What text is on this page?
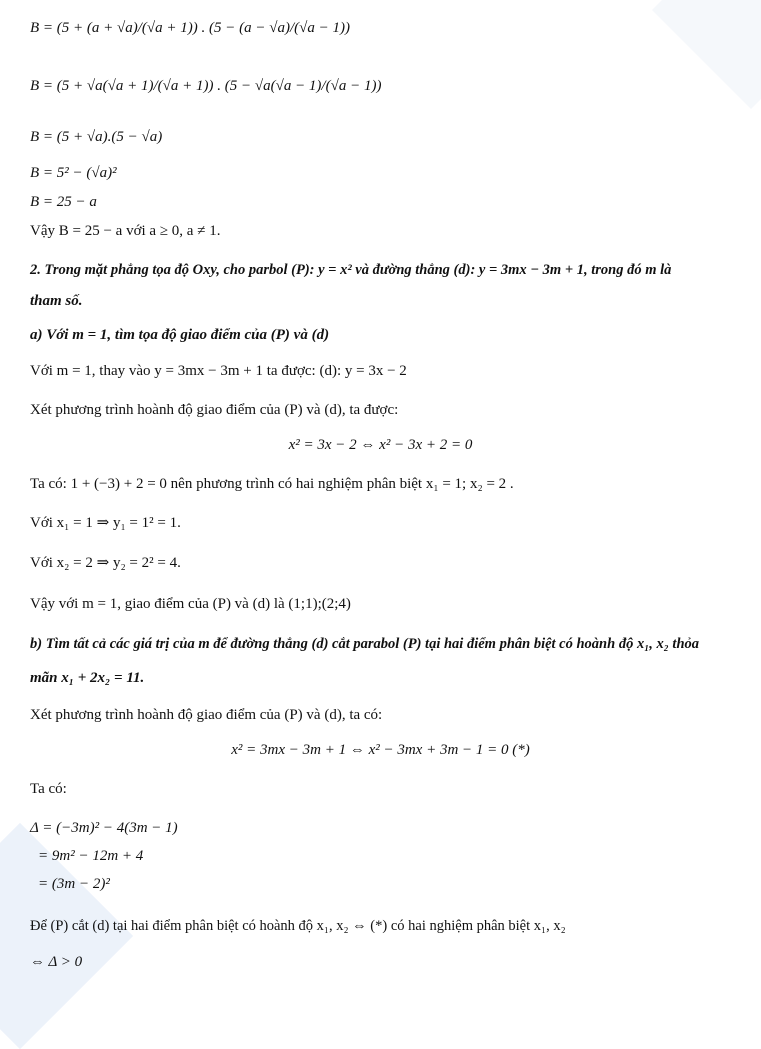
B = (5 + (a + √a)/(√a + 1)) . (5 − (a − √a)/(√a − 1))
B = (5 + √a(√a + 1)/(√a + 1)) . (5 − √a(√a − 1)/(√a − 1))
B = (5 + √a).(5 − √a)
B = 5² − (√a)²
B = 25 − a
Vậy B = 25 − a với a ≥ 0, a ≠ 1.
2. Trong mặt phẳng tọa độ Oxy, cho parbol (P): y = x² và đường thẳng (d): y = 3mx − 3m + 1, trong đó m là
tham số.
a) Với m = 1, tìm tọa độ giao điểm của (P) và (d)
Với m = 1, thay vào y = 3mx − 3m + 1 ta được: (d): y = 3x − 2
Xét phương trình hoành độ giao điểm của (P) và (d), ta được:
x² = 3x − 2 ⇔ x² − 3x + 2 = 0
Ta có: 1 + (−3) + 2 = 0 nên phương trình có hai nghiệm phân biệt x₁ = 1; x₂ = 2 .
Với x₁ = 1 ⇒ y₁ = 1² = 1.
Với x₂ = 2 ⇒ y₂ = 2² = 4.
Vậy với m = 1, giao điểm của (P) và (d) là (1;1);(2;4)
b) Tìm tất cả các giá trị của m để đường thẳng (d) cắt parabol (P) tại hai điểm phân biệt có hoành độ x₁, x₂ thỏa
mãn x₁ + 2x₂ = 11.
Xét phương trình hoành độ giao điểm của (P) và (d), ta có:
x² = 3mx − 3m + 1 ⇔ x² − 3mx + 3m − 1 = 0 (*)
Ta có:
Δ = (−3m)² − 4(3m − 1)
= 9m² − 12m + 4
= (3m − 2)²
Để (P) cắt (d) tại hai điểm phân biệt có hoành độ x₁, x₂ ⇔ (*) có hai nghiệm phân biệt x₁, x₂
⇔ Δ > 0
